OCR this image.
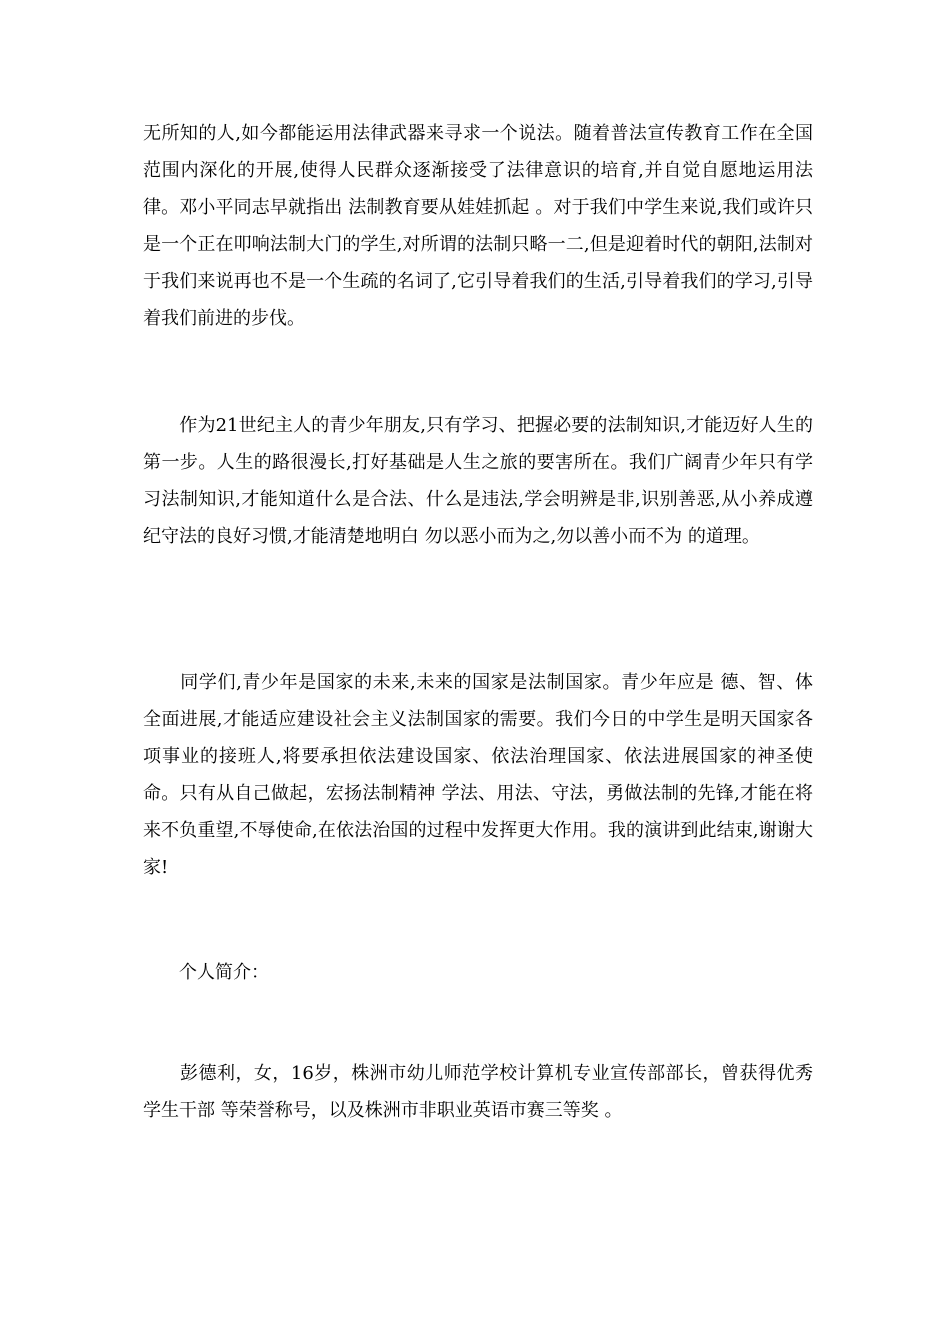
无所知的人,如今都能运用法律武器来寻求一个说法。随着普法宣传教育工作在全国范围内深化的开展,使得人民群众逐渐接受了法律意识的培育,并自觉自愿地运用法律。邓小平同志早就指出 法制教育要从娃娃抓起 。对于我们中学生来说,我们或许只是一个正在叩响法制大门的学生,对所谓的法制只略一二,但是迎着时代的朝阳,法制对于我们来说再也不是一个生疏的名词了,它引导着我们的生活,引导着我们的学习,引导着我们前进的步伐。

　　作为21世纪主人的青少年朋友,只有学习、把握必要的法制知识,才能迈好人生的第一步。人生的路很漫长,打好基础是人生之旅的要害所在。我们广阔青少年只有学习法制知识,才能知道什么是合法、什么是违法,学会明辨是非,识别善恶,从小养成遵纪守法的良好习惯,才能清楚地明白 勿以恶小而为之,勿以善小而不为 的道理。

　　同学们,青少年是国家的未来,未来的国家是法制国家。青少年应是 德、智、体 全面进展,才能适应建设社会主义法制国家的需要。我们今日的中学生是明天国家各项事业的接班人,将要承担依法建设国家、依法治理国家、依法进展国家的神圣使命。只有从自己做起，宏扬法制精神 学法、用法、守法，勇做法制的先锋,才能在将来不负重望,不辱使命,在依法治国的过程中发挥更大作用。我的演讲到此结束,谢谢大家!

　　个人简介：

　　彭德利，女，16岁，株洲市幼儿师范学校计算机专业宣传部部长，曾获得优秀学生干部 等荣誉称号，以及株洲市非职业英语市赛三等奖 。
